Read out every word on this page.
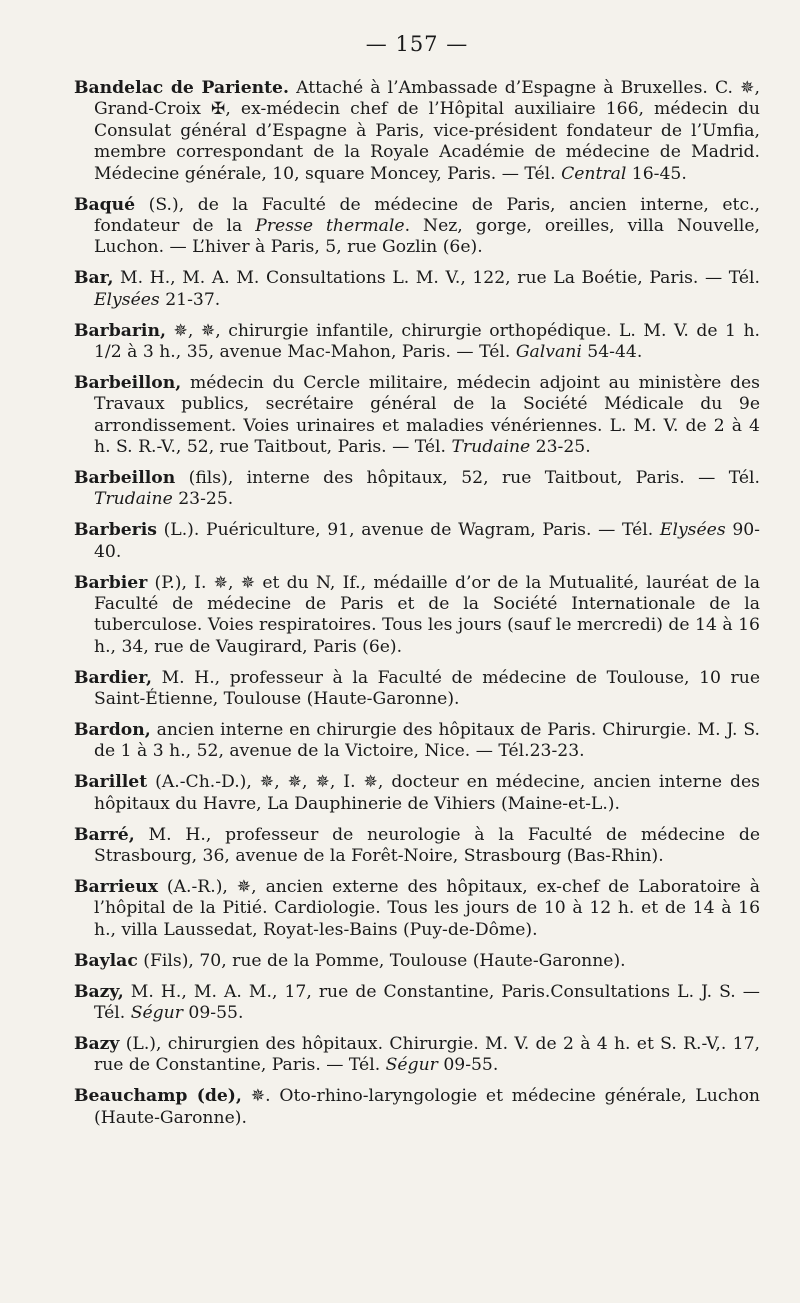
— 157 —

Bandelac de Pariente. Attaché à l’Ambassade d’Espagne à Bruxelles. C. ✵, Grand-Croix ✠, ex-médecin chef de l’Hôpital auxiliaire 166, médecin du Consulat général d’Espagne à Paris, vice-président fondateur de l’Umfia, membre correspondant de la Royale Académie de médecine de Madrid. Médecine générale, 10, square Moncey, Paris. — Tél. Central 16-45.

Baqué (S.), de la Faculté de médecine de Paris, ancien interne, etc., fondateur de la Presse thermale. Nez, gorge, oreilles, villa Nouvelle, Luchon. — L’hiver à Paris, 5, rue Gozlin (6e).

Bar, M. H., M. A. M. Consultations L. M. V., 122, rue La Boétie, Paris. — Tél. Elysées 21-37.

Barbarin, ✵, ✵, chirurgie infantile, chirurgie orthopédique. L. M. V. de 1 h. 1/2 à 3 h., 35, avenue Mac-Mahon, Paris. — Tél. Galvani 54-44.

Barbeillon, médecin du Cercle militaire, médecin adjoint au ministère des Travaux publics, secrétaire général de la Société Médicale du 9e arrondissement. Voies urinaires et maladies vénériennes. L. M. V. de 2 à 4 h. S. R.-V., 52, rue Taitbout, Paris. — Tél. Trudaine 23-25.

Barbeillon (fils), interne des hôpitaux, 52, rue Taitbout, Paris. — Tél. Trudaine 23-25.

Barberis (L.). Puériculture, 91, avenue de Wagram, Paris. — Tél. Elysées 90-40.

Barbier (P.), I. ✵, ✵ et du N, If., médaille d’or de la Mutualité, lauréat de la Faculté de médecine de Paris et de la Société Internationale de la tuberculose. Voies respiratoires. Tous les jours (sauf le mercredi) de 14 à 16 h., 34, rue de Vaugirard, Paris (6e).

Bardier, M. H., professeur à la Faculté de médecine de Toulouse, 10 rue Saint-Étienne, Toulouse (Haute-Garonne).

Bardon, ancien interne en chirurgie des hôpitaux de Paris. Chirurgie. M. J. S. de 1 à 3 h., 52, avenue de la Victoire, Nice. — Tél.23-23.

Barillet (A.-Ch.-D.), ✵, ✵, ✵, I. ✵, docteur en médecine, ancien interne des hôpitaux du Havre, La Dauphinerie de Vihiers (Maine-et-L.).

Barré, M. H., professeur de neurologie à la Faculté de médecine de Strasbourg, 36, avenue de la Forêt-Noire, Strasbourg (Bas-Rhin).

Barrieux (A.-R.), ✵, ancien externe des hôpitaux, ex-chef de Laboratoire à l’hôpital de la Pitié. Cardiologie. Tous les jours de 10 à 12 h. et de 14 à 16 h., villa Laussedat, Royat-les-Bains (Puy-de-Dôme).

Baylac (Fils), 70, rue de la Pomme, Toulouse (Haute-Garonne).

Bazy, M. H., M. A. M., 17, rue de Constantine, Paris.Consultations L. J. S. — Tél. Ségur 09-55.

Bazy (L.), chirurgien des hôpitaux. Chirurgie. M. V. de 2 à 4 h. et S. R.-V,. 17, rue de Constantine, Paris. — Tél. Ségur 09-55.

Beauchamp (de), ✵. Oto-rhino-laryngologie et médecine générale, Luchon (Haute-Garonne).
